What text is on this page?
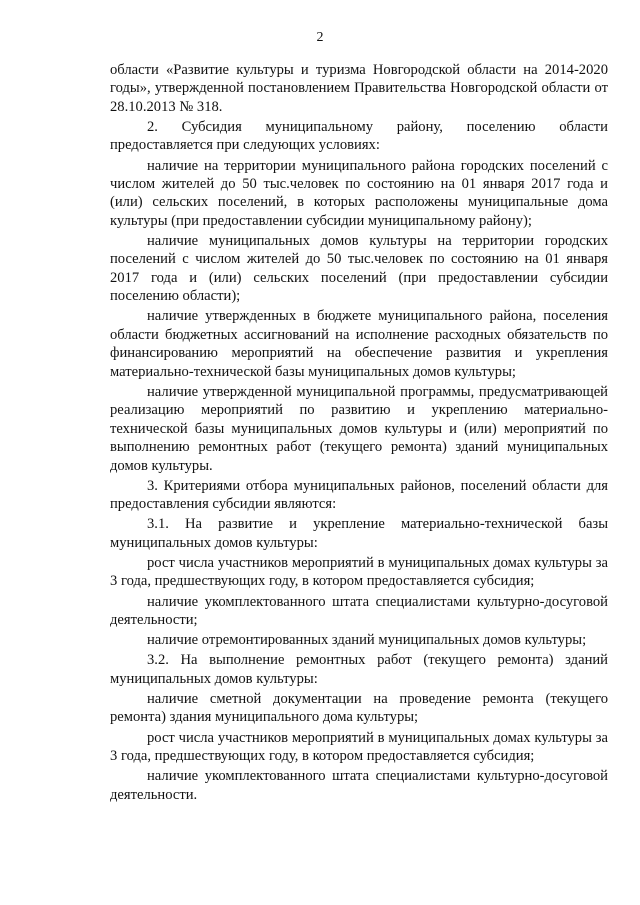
2

области «Развитие культуры и туризма Новгородской области на 2014-2020 годы», утвержденной постановлением Правительства Новгородской области от 28.10.2013 № 318.

2. Субсидия муниципальному району, поселению области предоставляется при следующих условиях:

наличие на территории муниципального района городских поселений с числом жителей до 50 тыс.человек по состоянию на 01 января 2017 года и (или) сельских поселений, в которых расположены муниципальные дома культуры (при предоставлении субсидии муниципальному району);

наличие муниципальных домов культуры на территории городских поселений с числом жителей до 50 тыс.человек по состоянию на 01 января 2017 года и (или) сельских поселений (при предоставлении субсидии поселению области);

наличие утвержденных в бюджете муниципального района, поселения области бюджетных ассигнований на исполнение расходных обязательств по финансированию мероприятий на обеспечение развития и укрепления материально-технической базы муниципальных домов культуры;

наличие утвержденной муниципальной программы, предусматривающей реализацию мероприятий по развитию и укреплению материально-технической базы муниципальных домов культуры и (или) мероприятий по выполнению ремонтных работ (текущего ремонта) зданий муниципальных домов культуры.

3. Критериями отбора муниципальных районов, поселений области для предоставления субсидии являются:

3.1. На развитие и укрепление материально-технической базы муниципальных домов культуры:

рост числа участников мероприятий в муниципальных домах культуры за 3 года, предшествующих году, в котором предоставляется субсидия;

наличие укомплектованного штата специалистами культурно-досуговой деятельности;

наличие отремонтированных зданий муниципальных домов культуры;

3.2. На выполнение ремонтных работ (текущего ремонта) зданий муниципальных домов культуры:

наличие сметной документации на проведение ремонта (текущего ремонта) здания муниципального дома культуры;

рост числа участников мероприятий в муниципальных домах культуры за 3 года, предшествующих году, в котором предоставляется субсидия;

наличие укомплектованного штата специалистами культурно-досуговой деятельности.
